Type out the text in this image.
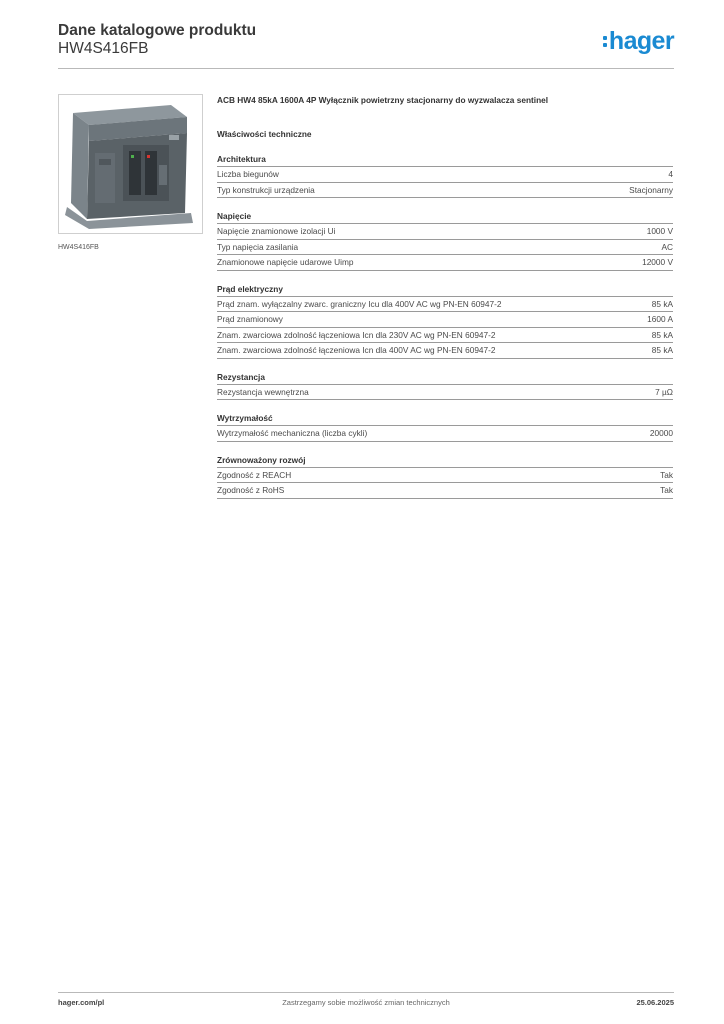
Dane katalogowe produktu
HW4S416FB	hager
HW4S416FB
ACB HW4 85kA 1600A 4P Wyłącznik powietrzny stacjonarny do wyzwalacza sentinel
Właściwości techniczne
Architektura
Liczba biegunów	4
Typ konstrukcji urządzenia	Stacjonarny
Napięcie
Napięcie znamionowe izolacji Ui	1000 V
Typ napięcia zasilania	AC
Znamionowe napięcie udarowe Uimp	12000 V
Prąd elektryczny
Prąd znam. wyłączalny zwarc. graniczny Icu dla 400V AC wg PN-EN 60947-2	85 kA
Prąd znamionowy	1600 A
Znam. zwarciowa zdolność łączeniowa Icn dla 230V AC wg PN-EN 60947-2	85 kA
Znam. zwarciowa zdolność łączeniowa Icn dla 400V AC wg PN-EN 60947-2	85 kA
Rezystancja
Rezystancja wewnętrzna	7 µΩ
Wytrzymałość
Wytrzymałość mechaniczna (liczba cykli)	20000
Zrównoważony rozwój
Zgodność z REACH	Tak
Zgodność z RoHS	Tak
Zastrzegamy sobie możliwość zmian technicznych
hager.com/pl	25.06.2025
